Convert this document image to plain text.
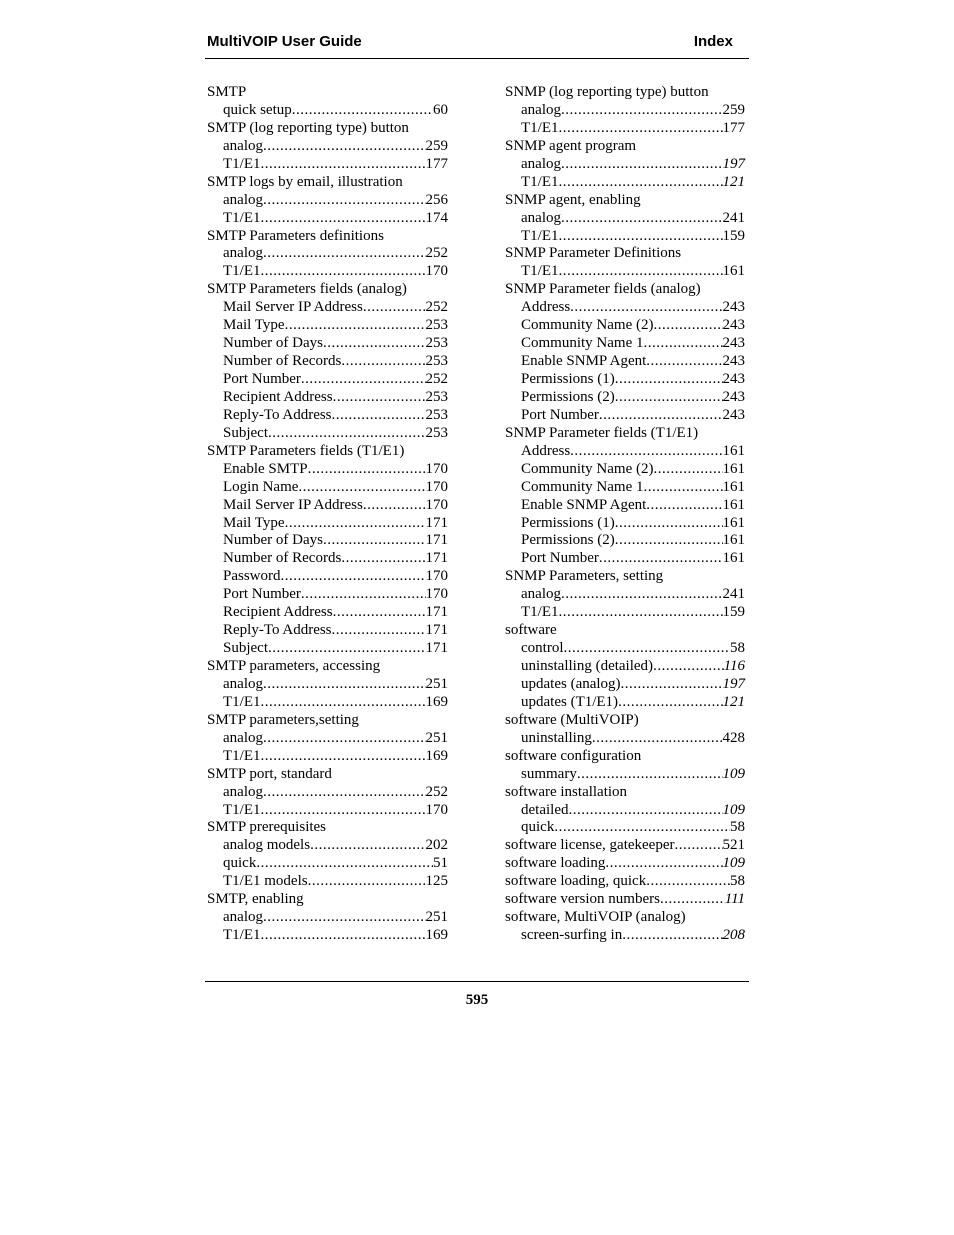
MultiVOIP User Guide	Index
SMTP
quick setup .....	60
SMTP (log reporting type) button
analog .....	259
T1/E1 .....	177
SMTP logs by email, illustration
analog .....	256
T1/E1 .....	174
SMTP Parameters definitions
analog .....	252
T1/E1 .....	170
SMTP Parameters fields (analog)
Mail Server IP Address .....	252
Mail Type .....	253
Number of Days .....	253
Number of Records .....	253
Port Number .....	252
Recipient Address .....	253
Reply-To Address .....	253
Subject .....	253
SMTP Parameters fields (T1/E1)
Enable SMTP .....	170
Login Name .....	170
Mail Server IP Address .....	170
Mail Type .....	171
Number of Days .....	171
Number of Records .....	171
Password .....	170
Port Number .....	170
Recipient Address .....	171
Reply-To Address .....	171
Subject .....	171
SMTP parameters, accessing
analog .....	251
T1/E1 .....	169
SMTP parameters,setting
analog .....	251
T1/E1 .....	169
SMTP port, standard
analog .....	252
T1/E1 .....	170
SMTP prerequisites
analog models .....	202
quick .....	51
T1/E1 models .....	125
SMTP, enabling
analog .....	251
T1/E1 .....	169
SNMP (log reporting type) button
analog .....	259
T1/E1 .....	177
SNMP agent program
analog .....	197
T1/E1 .....	121
SNMP agent, enabling
analog .....	241
T1/E1 .....	159
SNMP Parameter Definitions
T1/E1 .....	161
SNMP Parameter fields (analog)
Address .....	243
Community Name (2) .....	243
Community Name 1 .....	243
Enable SNMP Agent .....	243
Permissions (1) .....	243
Permissions (2) .....	243
Port Number .....	243
SNMP Parameter fields (T1/E1)
Address .....	161
Community Name (2) .....	161
Community Name 1 .....	161
Enable SNMP Agent .....	161
Permissions (1) .....	161
Permissions (2) .....	161
Port Number .....	161
SNMP Parameters, setting
analog .....	241
T1/E1 .....	159
software
control .....	58
uninstalling (detailed) .....	116
updates (analog) .....	197
updates (T1/E1) .....	121
software (MultiVOIP)
uninstalling .....	428
software configuration
summary .....	109
software installation
detailed .....	109
quick .....	58
software license, gatekeeper .....	521
software loading .....	109
software loading, quick .....	58
software version numbers .....	111
software, MultiVOIP (analog)
screen-surfing in .....	208
595
